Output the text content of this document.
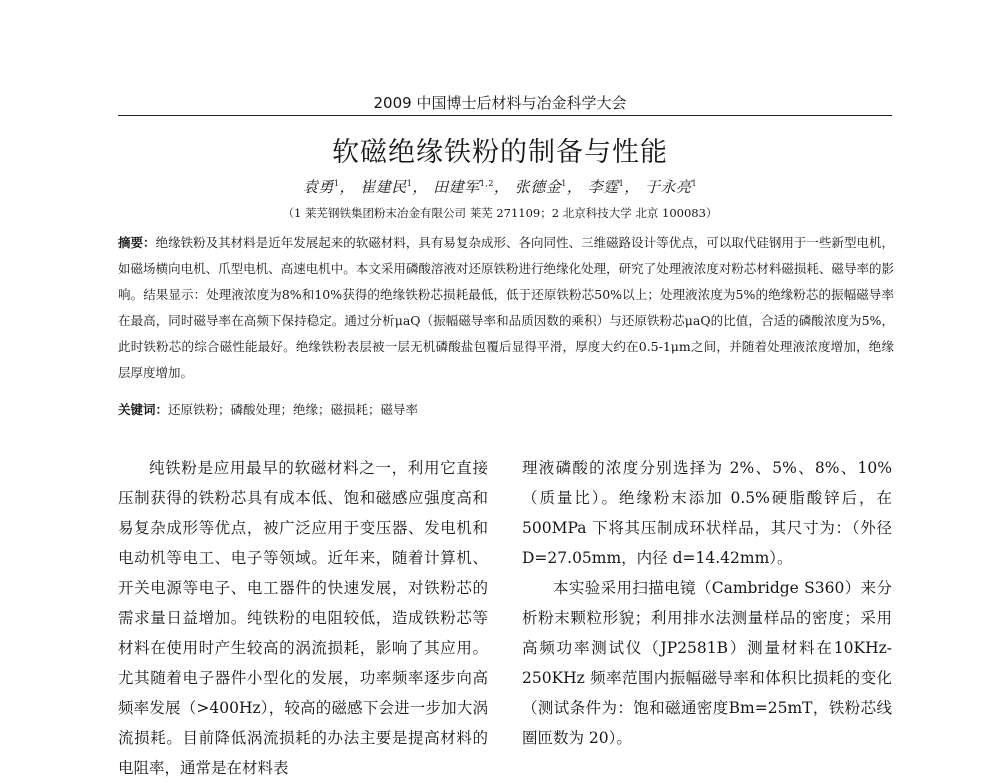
2009 中国博士后材料与冶金科学大会
软磁绝缘铁粉的制备与性能
袁勇$^1$， 崔建民$^1$， 田建军$^{1,2}$， 张德金$^1$， 李霆$^1$， 于永亮$^1$
（1 莱芜钢铁集团粉末冶金有限公司 莱芜 271109；2 北京科技大学 北京 100083）
摘要：绝缘铁粉及其材料是近年发展起来的软磁材料，具有易复杂成形、各向同性、三维磁路设计等优点，可以取代硅钢用于一些新型电机，如磁场横向电机、爪型电机、高速电机中。本文采用磷酸溶液对还原铁粉进行绝缘化处理，研究了处理液浓度对粉芯材料磁损耗、磁导率的影响。结果显示：处理液浓度为8%和10%获得的绝缘铁粉芯损耗最低，低于还原铁粉芯50%以上；处理液浓度为5%的绝缘粉芯的振幅磁导率在最高，同时磁导率在高频下保持稳定。通过分析μaQ（振幅磁导率和品质因数的乘积）与还原铁粉芯μaQ的比值，合适的磷酸浓度为5%，此时铁粉芯的综合磁性能最好。绝缘铁粉表层被一层无机磷酸盐包覆后显得平滑，厚度大约在0.5-1μm之间，并随着处理液浓度增加，绝缘层厚度增加。
关键词：还原铁粉；磷酸处理；绝缘；磁损耗；磁导率

纯铁粉是应用最早的软磁材料之一，利用它直接压制获得的铁粉芯具有成本低、饱和磁感应强度高和易复杂成形等优点，被广泛应用于变压器、发电机和电动机等电工、电子等领域。近年来，随着计算机、开关电源等电子、电工器件的快速发展，对铁粉芯的需求量日益增加。纯铁粉的电阻较低，造成铁粉芯等材料在使用时产生较高的涡流损耗，影响了其应用。尤其随着电子器件小型化的发展，功率频率逐步向高频率发展（>400Hz），较高的磁感下会进一步加大涡流损耗。目前降低涡流损耗的办法主要是提高材料的电阻率，通常是在材料表

理液磷酸的浓度分别选择为 2%、5%、8%、10%（质量比）。绝缘粉末添加 0.5%硬脂酸锌后，在500MPa 下将其压制成环状样品，其尺寸为：（外径 D=27.05mm，内径 d=14.42mm）。

本实验采用扫描电镜（Cambridge S360）来分析粉末颗粒形貌；利用排水法测量样品的密度；采用高频功率测试仪（JP2581B）测量材料在10KHz-250KHz 频率范围内振幅磁导率和体积比损耗的变化（测试条件为：饱和磁通密度Bm=25mT，铁粉芯线圈匝数为 20）。
